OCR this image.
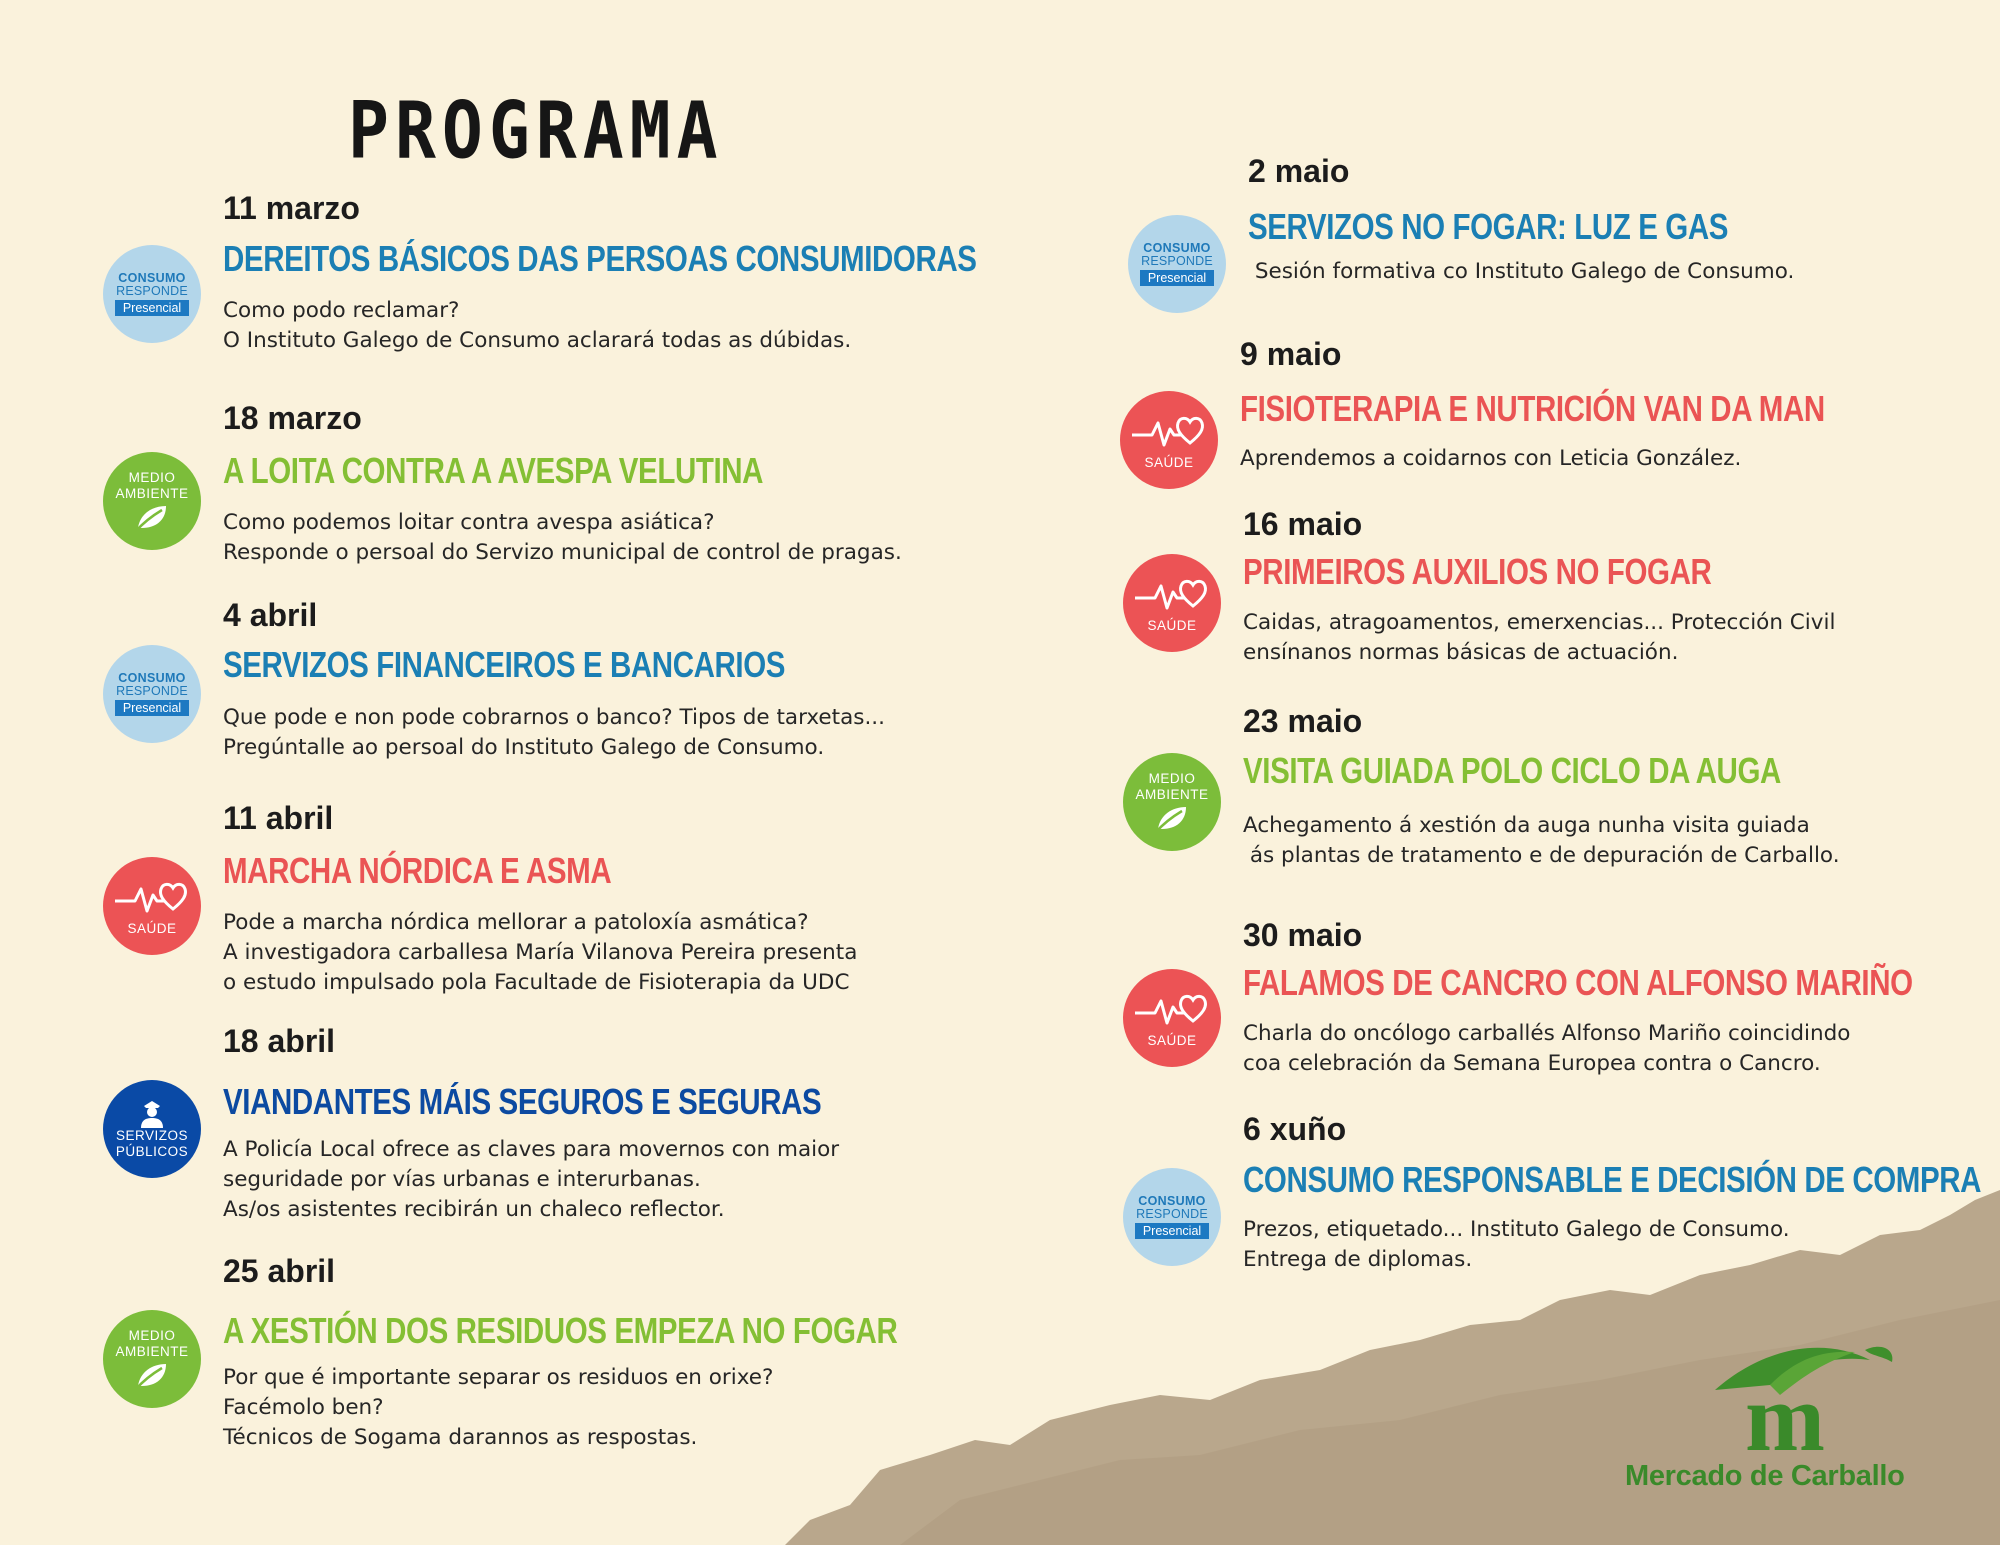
PROGRAMA
CONSUMO
RESPONDE
Presencial
11 marzo
DEREITOS BÁSICOS DAS PERSOAS CONSUMIDORAS
Como podo reclamar?
O Instituto Galego de Consumo aclarará todas as dúbidas.
MEDIO
AMBIENTE
18 marzo
A LOITA CONTRA A AVESPA VELUTINA
Como podemos loitar contra avespa asiática?
Responde o persoal do Servizo municipal de control de pragas.
CONSUMO
RESPONDE
Presencial
4 abril
SERVIZOS FINANCEIROS E BANCARIOS
Que pode e non pode cobrarnos o banco? Tipos de tarxetas...
Pregúntalle ao persoal do Instituto Galego de Consumo.
SAÚDE
11 abril
MARCHA NÓRDICA E ASMA
Pode a marcha nórdica mellorar a patoloxía asmática?
A investigadora carballesa María Vilanova Pereira presenta
o estudo impulsado pola Facultade de Fisioterapia da UDC
SERVIZOS
PÚBLICOS
18 abril
VIANDANTES MÁIS SEGUROS E SEGURAS
A Policía Local ofrece as claves para movernos con maior
seguridade por vías urbanas e interurbanas.
As/os asistentes recibirán un chaleco reflector.
MEDIO
AMBIENTE
25 abril
A XESTIÓN DOS RESIDUOS EMPEZA NO FOGAR
Por que é importante separar os residuos en orixe?
Facémolo ben?
Técnicos de Sogama darannos as respostas.
CONSUMO
RESPONDE
Presencial
2 maio
SERVIZOS NO FOGAR: LUZ E GAS
Sesión formativa co Instituto Galego de Consumo.
SAÚDE
9 maio
FISIOTERAPIA E NUTRICIÓN VAN DA MAN
Aprendemos a coidarnos con Leticia González.
SAÚDE
16 maio
PRIMEIROS AUXILIOS NO FOGAR
Caidas, atragoamentos, emerxencias... Protección Civil
ensínanos normas básicas de actuación.
MEDIO
AMBIENTE
23 maio
VISITA GUIADA POLO CICLO DA AUGA
Achegamento á xestión da auga nunha visita guiada
ás plantas de tratamento e de depuración de Carballo.
SAÚDE
30 maio
FALAMOS DE CANCRO CON ALFONSO MARIÑO
Charla do oncólogo carballés Alfonso Mariño coincidindo
coa celebración da Semana Europea contra o Cancro.
CONSUMO
RESPONDE
Presencial
6 xuño
CONSUMO RESPONSABLE E DECISIÓN DE COMPRA
Prezos, etiquetado... Instituto Galego de Consumo.
Entrega de diplomas.
m
Mercado de Carballo
